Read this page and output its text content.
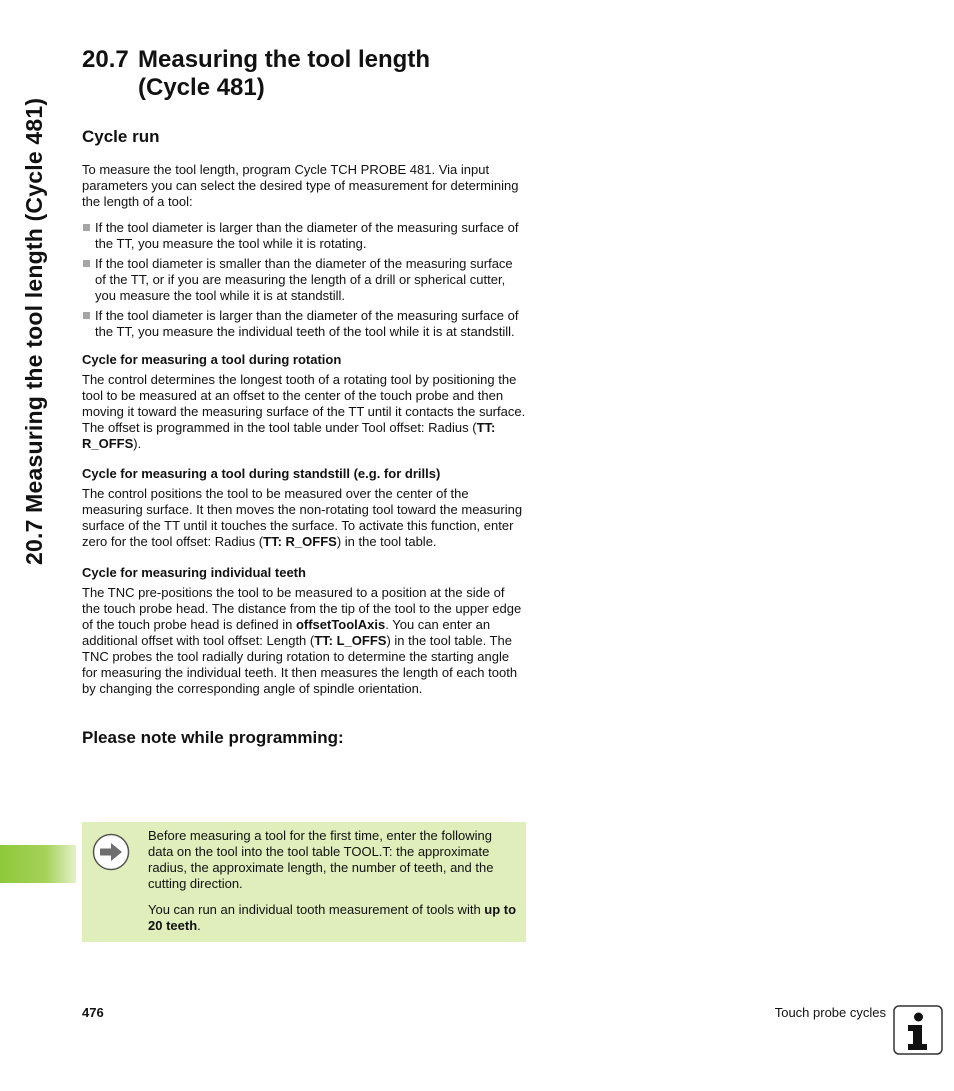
20.7 Measuring the tool length (Cycle 481)
20.7 Measuring the tool length
(Cycle 481)
Cycle run

To measure the tool length, program Cycle TCH PROBE 481. Via input parameters you can select the desired type of measurement for determining the length of a tool:

If the tool diameter is larger than the diameter of the measuring surface of the TT, you measure the tool while it is rotating.
If the tool diameter is smaller than the diameter of the measuring surface of the TT, or if you are measuring the length of a drill or spherical cutter, you measure the tool while it is at standstill.
If the tool diameter is larger than the diameter of the measuring surface of the TT, you measure the individual teeth of the tool while it is at standstill.
Cycle for measuring a tool during rotation

The control determines the longest tooth of a rotating tool by positioning the tool to be measured at an offset to the center of the touch probe and then moving it toward the measuring surface of the TT until it contacts the surface. The offset is programmed in the tool table under Tool offset: Radius (TT: R_OFFS).

Cycle for measuring a tool during standstill (e.g. for drills)

The control positions the tool to be measured over the center of the measuring surface. It then moves the non-rotating tool toward the measuring surface of the TT until it touches the surface. To activate this function, enter zero for the tool offset: Radius (TT: R_OFFS) in the tool table.

Cycle for measuring individual teeth

The TNC pre-positions the tool to be measured to a position at the side of the touch probe head. The distance from the tip of the tool to the upper edge of the touch probe head is defined in offsetToolAxis. You can enter an additional offset with tool offset: Length (TT: L_OFFS) in the tool table. The TNC probes the tool radially during rotation to determine the starting angle for measuring the individual teeth. It then measures the length of each tooth by changing the corresponding angle of spindle orientation.

Please note while programming:

Before measuring a tool for the first time, enter the following data on the tool into the tool table TOOL.T: the approximate radius, the approximate length, the number of teeth, and the cutting direction.

You can run an individual tooth measurement of tools with up to 20 teeth.

476	Touch probe cycles
